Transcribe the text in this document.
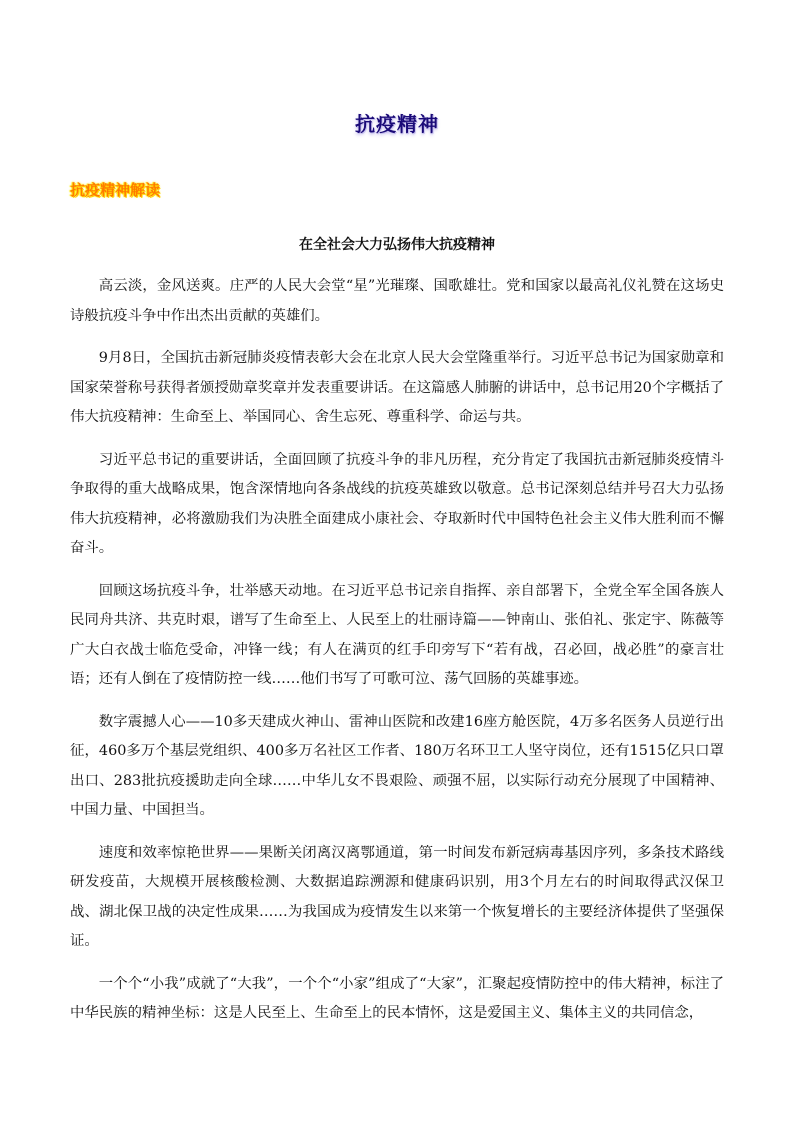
抗疫精神
抗疫精神解读
在全社会大力弘扬伟大抗疫精神

高云淡，金风送爽。庄严的人民大会堂“星”光璀璨、国歌雄壮。党和国家以最高礼仪礼赞在这场史诗般抗疫斗争中作出杰出贡献的英雄们。

9月8日，全国抗击新冠肺炎疫情表彰大会在北京人民大会堂隆重举行。习近平总书记为国家勋章和国家荣誉称号获得者颁授勋章奖章并发表重要讲话。在这篇感人肺腑的讲话中，总书记用20个字概括了伟大抗疫精神：生命至上、举国同心、舍生忘死、尊重科学、命运与共。

习近平总书记的重要讲话，全面回顾了抗疫斗争的非凡历程，充分肯定了我国抗击新冠肺炎疫情斗争取得的重大战略成果，饱含深情地向各条战线的抗疫英雄致以敬意。总书记深刻总结并号召大力弘扬伟大抗疫精神，必将激励我们为决胜全面建成小康社会、夺取新时代中国特色社会主义伟大胜利而不懈奋斗。

回顾这场抗疫斗争，壮举感天动地。在习近平总书记亲自指挥、亲自部署下，全党全军全国各族人民同舟共济、共克时艰，谱写了生命至上、人民至上的壮丽诗篇——钟南山、张伯礼、张定宇、陈薇等广大白衣战士临危受命，冲锋一线；有人在满页的红手印旁写下“若有战，召必回，战必胜”的豪言壮语；还有人倒在了疫情防控一线……他们书写了可歌可泣、荡气回肠的英雄事迹。

数字震撼人心——10多天建成火神山、雷神山医院和改建16座方舱医院，4万多名医务人员逆行出征，460多万个基层党组织、400多万名社区工作者、180万名环卫工人坚守岗位，还有1515亿只口罩出口、283批抗疫援助走向全球……中华儿女不畏艰险、顽强不屈，以实际行动充分展现了中国精神、中国力量、中国担当。

速度和效率惊艳世界——果断关闭离汉离鄂通道，第一时间发布新冠病毒基因序列，多条技术路线研发疫苗，大规模开展核酸检测、大数据追踪溯源和健康码识别，用3个月左右的时间取得武汉保卫战、湖北保卫战的决定性成果……为我国成为疫情发生以来第一个恢复增长的主要经济体提供了坚强保证。

一个个“小我”成就了“大我”，一个个“小家”组成了“大家”，汇聚起疫情防控中的伟大精神，标注了中华民族的精神坐标：这是人民至上、生命至上的民本情怀，这是爱国主义、集体主义的共同信念，
